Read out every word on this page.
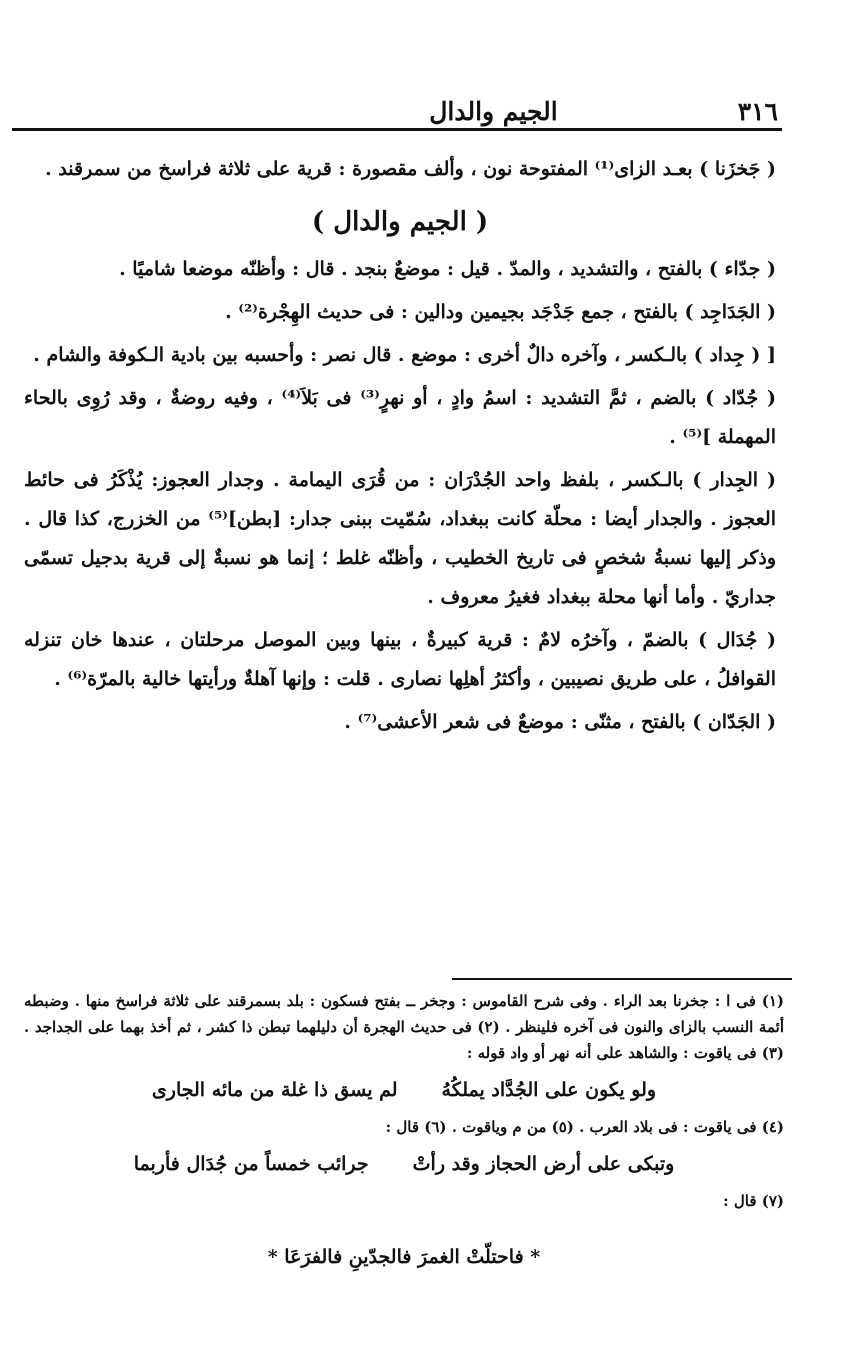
٣١٦
الجيم والدال

( جَخزَنا ) بعـد الزاى⁽¹⁾ المفتوحة نون ، وألف مقصورة : قرية على ثلاثة فراسخ من سمرقند .

( الجيم والدال )

( جدّاء ) بالفتح ، والتشديد ، والمدّ . قيل : موضعٌ بنجد . قال : وأظنّه موضعا شاميًا .

( الجَدَاجِد ) بالفتح ، جمع جَدْجَد بجيمين ودالين : فى حديث الهِجْرة⁽²⁾ .

[ ( جِداد ) بالـكسر ، وآخره دالٌ أخرى : موضع . قال نصر : وأحسبه بين بادية الـكوفة والشام .

( جُدّاد ) بالضم ، ثمَّ التشديد : اسمُ وادٍ ، أو نهرٍ⁽³⁾ فى بَلاَ⁽⁴⁾ ، وفيه روضةٌ ، وقد رُوِى بالحاء المهملة ]⁽⁵⁾ .

( الجِدار ) بالـكسر ، بلفظ واحد الجُدْرَان : من قُرَى اليمامة . وجدار العجوز: يُذْكَرُ فى حائط العجوز . والجدار أيضا : محلّة كانت ببغداد، سُمّيت ببنى جدار: [بطن]⁽⁵⁾ من الخزرج، كذا قال . وذكر إليها نسبةُ شخصٍ فى تاريخ الخطيب ، وأظنّه غلط ؛ إنما هو نسبةٌ إلى قرية بدجيل تسمّى جداريّ . وأما أنها محلة ببغداد فغيرُ معروف .

( جُدَال ) بالضمّ ، وآخرُه لامٌ : قرية كبيرةٌ ، بينها وبين الموصل مرحلتان ، عندها خان تنزله القوافلُ ، على طريق نصيبين ، وأكثرُ أهلِها نصارى . قلت : وإنها آهلةٌ ورأيتها خالية بالمرّة⁽⁶⁾ .

( الجَدّان ) بالفتح ، مثنّى : موضعٌ فى شعر الأعشى⁽⁷⁾ .

(١) فى ا : جخرنا بعد الراء . وفى شرح القاموس : وجخر ــ بفتح فسكون : بلد بسمرقند على ثلاثة فراسخ منها . وضبطه أئمة النسب بالزاى والنون فى آخره فلينظر . (٢) فى حديث الهجرة أن دليلهما تبطن ذا كشر ، ثم أخذ بهما على الجداجد . (٣) فى ياقوت : والشاهد على أنه نهر أو واد قوله :

ولو يكون على الجُدَّاد يملكُهُ
لم يسق ذا غلة من مائه الجارى

(٤) فى ياقوت : فى بلاد العرب . (٥) من م وياقوت . (٦) قال :

وتبكى على أرض الحجاز وقد رأتْ
جرائب خمساً من جُدَال فأربما

(٧) قال :

* فاحتلّتْ الغمرَ فالجدّينِ فالفرَعَا *
